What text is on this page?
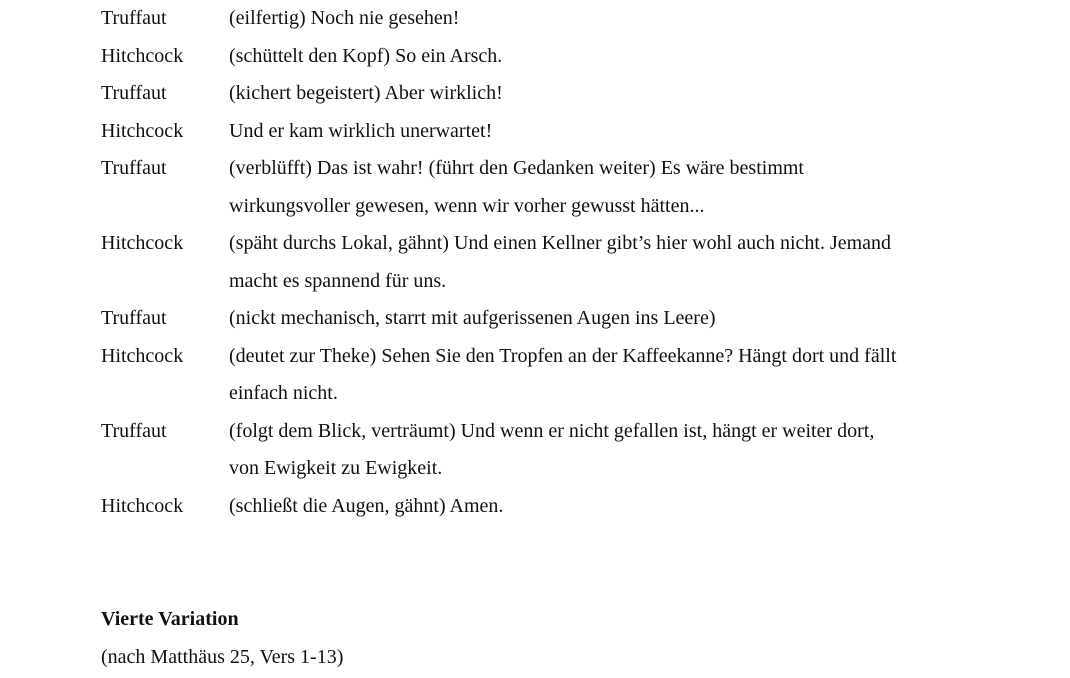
Truffaut	(eilfertig) Noch nie gesehen!
Hitchcock	(schüttelt den Kopf) So ein Arsch.
Truffaut	(kichert begeistert) Aber wirklich!
Hitchcock	Und er kam wirklich unerwartet!
Truffaut	(verblüfft) Das ist wahr! (führt den Gedanken weiter) Es wäre bestimmt
wirkungsvoller gewesen, wenn wir vorher gewusst hätten...
Hitchcock	(späht durchs Lokal, gähnt) Und einen Kellner gibt’s hier wohl auch nicht. Jemand
macht es spannend für uns.
Truffaut	(nickt mechanisch, starrt mit aufgerissenen Augen ins Leere)
Hitchcock	(deutet zur Theke) Sehen Sie den Tropfen an der Kaffeekanne? Hängt dort und fällt
einfach nicht.
Truffaut	(folgt dem Blick, verträumt) Und wenn er nicht gefallen ist, hängt er weiter dort,
von Ewigkeit zu Ewigkeit.
Hitchcock	(schließt die Augen, gähnt) Amen.
Vierte Variation
(nach Matthäus 25, Vers 1-13)
